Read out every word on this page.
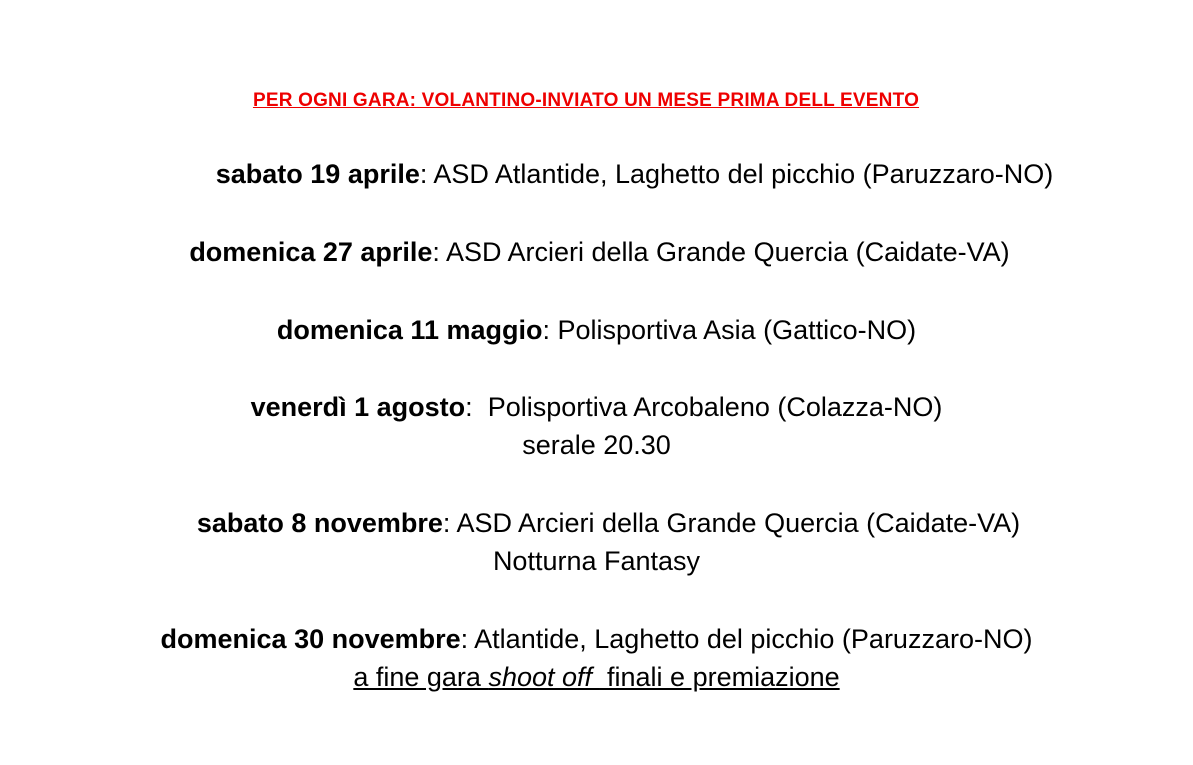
PER OGNI GARA: VOLANTINO-INVIATO UN MESE PRIMA DELL EVENTO
sabato 19 aprile: ASD Atlantide, Laghetto del picchio (Paruzzaro-NO)
domenica 27 aprile: ASD Arcieri della Grande Quercia (Caidate-VA)
domenica 11 maggio: Polisportiva Asia (Gattico-NO)
venerdì 1 agosto:  Polisportiva Arcobaleno (Colazza-NO)
serale 20.30
sabato 8 novembre: ASD Arcieri della Grande Quercia (Caidate-VA)
Notturna Fantasy
domenica 30 novembre: Atlantide, Laghetto del picchio (Paruzzaro-NO)
a fine gara shoot off  finali e premiazione
